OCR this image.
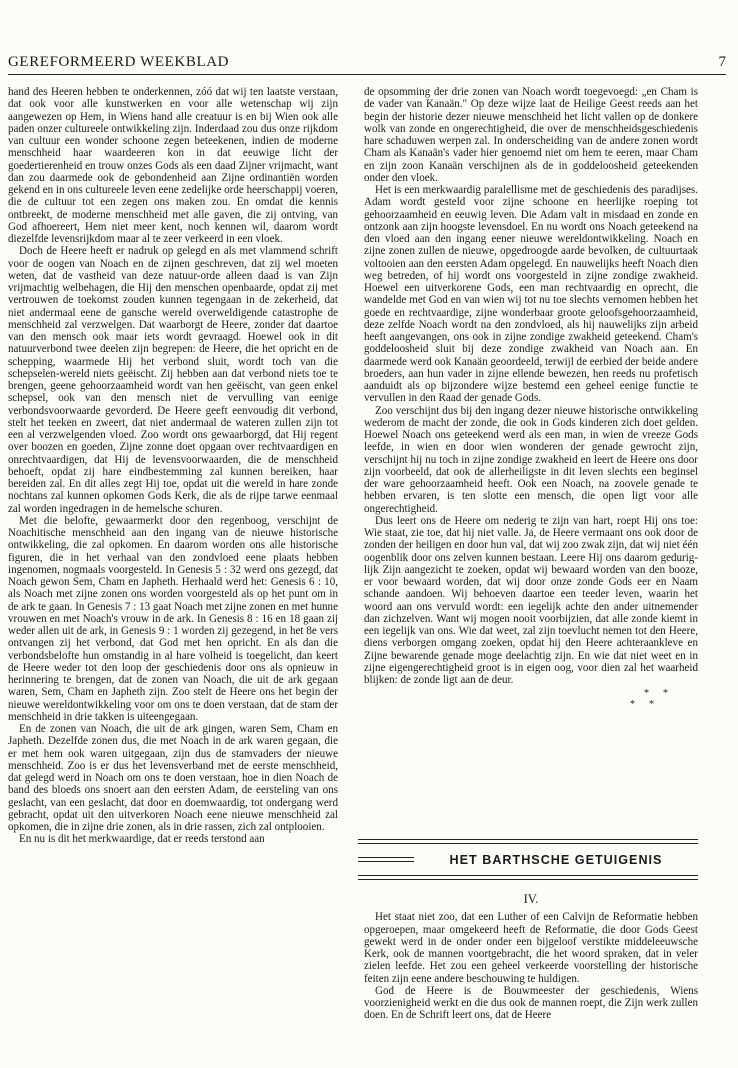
GEREFORMEERD WEEKBLAD	7

hand des Heeren hebben te onderkennen, zóó dat wij ten laatste verstaan, dat ook voor alle kunstwerken en voor alle wetenschap wij zijn aangewezen op Hem, in Wiens hand alle creatuur is en bij Wien ook alle paden onzer cultureele ontwikkeling zijn. Inderdaad zou dus onze rijkdom van cultuur een wonder schoone zegen beteekenen, indien de moderne menschheid haar waardeeren kon in dat eeuwige licht der goedertierenheid en trouw onzes Gods als een daad Zijner vrijmacht, want dan zou daarmede ook de gebondenheid aan Zijne ordinantiën worden gekend en in ons cultureele leven eene zedelijke orde heerschappij voeren, die de cultuur tot een zegen ons maken zou. En omdat die kennis ontbreekt, de moderne menschheid met alle gaven, die zij ontving, van God afhoereert, Hem niet meer kent, noch kennen wil, daarom wordt diezelfde levensrijkdom maar al te zeer verkeerd in een vloek.

Doch de Heere heeft er nadruk op gelegd en als met vlammend schrift voor de oogen van Noach en de zijnen geschreven, dat zij wel moeten weten, dat de vastheid van deze natuur-orde alleen daad is van Zijn vrijmachtig welbehagen, die Hij den menschen openbaarde, opdat zij met vertrouwen de toekomst zouden kunnen tegengaan in de zekerheid, dat niet andermaal eene de gansche wereld overweldigende catastrophe de menschheid zal verzwelgen. Dat waarborgt de Heere, zonder dat daartoe van den mensch ook maar iets wordt gevraagd. Hoewel ook in dit natuurverbond twee deelen zijn begrepen: de Heere, die het opricht en de schepping, waarmede Hij het verbond sluit, wordt toch van die schepselen-wereld niets geëischt. Zij hebben aan dat verbond niets toe te brengen, geene gehoorzaamheid wordt van hen geëischt, van geen enkel schepsel, ook van den mensch niet de vervulling van eenige verbondsvoorwaarde gevorderd. De Heere geeft eenvoudig dit verbond, stelt het teeken en zweert, dat niet andermaal de wateren zullen zijn tot een al verzwelgenden vloed. Zoo wordt ons gewaarborgd, dat Hij regent over boozen en goeden, Zijne zonne doet opgaan over rechtvaardigen en onrechtvaardigen, dat Hij de levensvoorwaarden, die de menschheid behoeft, opdat zij hare eindbestemming zal kunnen bereiken, haar bereiden zal. En dit alles zegt Hij toe, opdat uit die wereld in hare zonde nochtans zal kunnen opkomen Gods Kerk, die als de rijpe tarwe eenmaal zal worden ingedragen in de hemelsche schuren.

Met die belofte, gewaarmerkt door den regenboog, verschijnt de Noachitische menschheid aan den ingang van de nieuwe historische ontwikkeling, die zal opkomen. En daarom worden ons alle historische figuren, die in het verhaal van den zondvloed eene plaats hebben ingenomen, nogmaals voorgesteld. In Genesis 5 : 32 werd ons gezegd, dat Noach gewon Sem, Cham en Japheth. Herhaald werd het: Genesis 6 : 10, als Noach met zijne zonen ons worden voorgesteld als op het punt om in de ark te gaan. In Genesis 7 : 13 gaat Noach met zijne zonen en met hunne vrouwen en met Noach's vrouw in de ark. In Genesis 8 : 16 en 18 gaan zij weder allen uit de ark, in Genesis 9 : 1 worden zij gezegend, in het 8e vers ontvangen zij het verbond, dat God met hen opricht. En als dan die verbondsbelofte hun omstandig in al hare volheid is toegelicht, dan keert de Heere weder tot den loop der geschiedenis door ons als opnieuw in herinnering te brengen, dat de zonen van Noach, die uit de ark gegaan waren, Sem, Cham en Japheth zijn. Zoo stelt de Heere ons het begin der nieuwe wereldontwikkeling voor om ons te doen verstaan, dat de stam der menschheid in drie takken is uiteengegaan.

En de zonen van Noach, die uit de ark gingen, waren Sem, Cham en Japheth. Dezelfde zonen dus, die met Noach in de ark waren gegaan, die er met hem ook waren uitgegaan, zijn dus de stamvaders der nieuwe menschheid. Zoo is er dus het levensverband met de eerste menschheid, dat gelegd werd in Noach om ons te doen verstaan, hoe in dien Noach de band des bloeds ons snoert aan den eersten Adam, de eersteling van ons geslacht, van een geslacht, dat door en doemwaardig, tot ondergang werd gebracht, opdat uit den uitverkoren Noach eene nieuwe menschheid zal opkomen, die in zijne drie zonen, als in drie rassen, zich zal ontplooien.

En nu is dit het merkwaardige, dat er reeds terstond aan

de opsomming der drie zonen van Noach wordt toegevoegd: „en Cham is de vader van Kanaän." Op deze wijze laat de Heilige Geest reeds aan het begin der historie dezer nieuwe menschheid het licht vallen op de donkere wolk van zonde en ongerechtigheid, die over de menschheidsgeschiedenis hare schaduwen werpen zal. In onderscheiding van de andere zonen wordt Cham als Kanaän's vader hier genoemd niet om hem te eeren, maar Cham en zijn zoon Kanaän verschijnen als de in goddeloosheid geteekenden onder den vloek.

Het is een merkwaardig paralellisme met de geschiedenis des paradijses. Adam wordt gesteld voor zijne schoone en heerlijke roeping tot gehoorzaamheid en eeuwig leven. Die Adam valt in misdaad en zonde en ontzonk aan zijn hoogste levensdoel. En nu wordt ons Noach geteekend na den vloed aan den ingang eener nieuwe wereldontwikkeling. Noach en zijne zonen zullen de nieuwe, opgedroogde aarde bevolken, de cultuurtaak voltooien aan den eersten Adam opgelegd. En nauwelijks heeft Noach dien weg betreden, of hij wordt ons voorgesteld in zijne zondige zwakheid. Hoewel een uitverkorene Gods, een man rechtvaardig en oprecht, die wandelde met God en van wien wij tot nu toe slechts vernomen hebben het goede en rechtvaardige, zijne wonderbaar groote geloofsgehoorzaamheid, deze zelfde Noach wordt na den zondvloed, als hij nauwelijks zijn arbeid heeft aangevangen, ons ook in zijne zondige zwakheid geteekend. Cham's goddeloosheid sluit bij deze zondige zwakheid van Noach aan. En daarmede werd ook Kanaän geoordeeld, terwijl de eerbied der beide andere broeders, aan hun vader in zijne ellende bewezen, hen reeds nu profetisch aanduidt als op bijzondere wijze bestemd een geheel eenige functie te vervullen in den Raad der genade Gods.

Zoo verschijnt dus bij den ingang dezer nieuwe historische ontwikkeling wederom de macht der zonde, die ook in Gods kinderen zich doet gelden. Hoewel Noach ons geteekend werd als een man, in wien de vreeze Gods leefde, in wien en door wien wonderen der genade gewrocht zijn, verschijnt hij nu toch in zijne zondige zwakheid en leert de Heere ons door zijn voorbeeld, dat ook de allerheiligste in dit leven slechts een beginsel der ware gehoorzaamheid heeft. Ook een Noach, na zoovele genade te hebben ervaren, is ten slotte een mensch, die open ligt voor alle ongerechtigheid.

Dus leert ons de Heere om nederig te zijn van hart, roept Hij ons toe: Wie staat, zie toe, dat hij niet valle. Ja, de Heere vermaant ons ook door de zonden der heiligen en door hun val, dat wij zoo zwak zijn, dat wij niet één oogenblik door ons zelven kunnen bestaan. Leere Hij ons daarom gedurig-lijk Zijn aangezicht te zoeken, opdat wij bewaard worden van den booze, er voor bewaard worden, dat wij door onze zonde Gods eer en Naam schande aandoen. Wij behoeven daartoe een teeder leven, waarin het woord aan ons vervuld wordt: een iegelijk achte den ander uitnemender dan zichzelven. Want wij mogen nooit voorbijzien, dat alle zonde kiemt in een iegelijk van ons. Wie dat weet, zal zijn toevlucht nemen tot den Heere, diens verborgen omgang zoeken, opdat hij den Heere achteraankleve en Zijne bewarende genade moge deelachtig zijn. En wie dat niet weet en in zijne eigengerechtigheid groot is in eigen oog, voor dien zal het waarheid blijken: de zonde ligt aan de deur.

**
**
HET BARTHSCHE GETUIGENIS
IV.

Het staat niet zoo, dat een Luther of een Calvijn de Reformatie hebben opgeroepen, maar omgekeerd heeft de Reformatie, die door Gods Geest gewekt werd in de onder onder een bijgeloof verstikte middeleeuwsche Kerk, ook de mannen voortgebracht, die het woord spraken, dat in veler zielen leefde. Het zou een geheel verkeerde voorstelling der historische feiten zijn eene andere beschouwing te huldigen.

God de Heere is de Bouwmeester der geschiedenis, Wiens voorzienigheid werkt en die dus ook de mannen roept, die Zijn werk zullen doen. En de Schrift leert ons, dat de Heere
